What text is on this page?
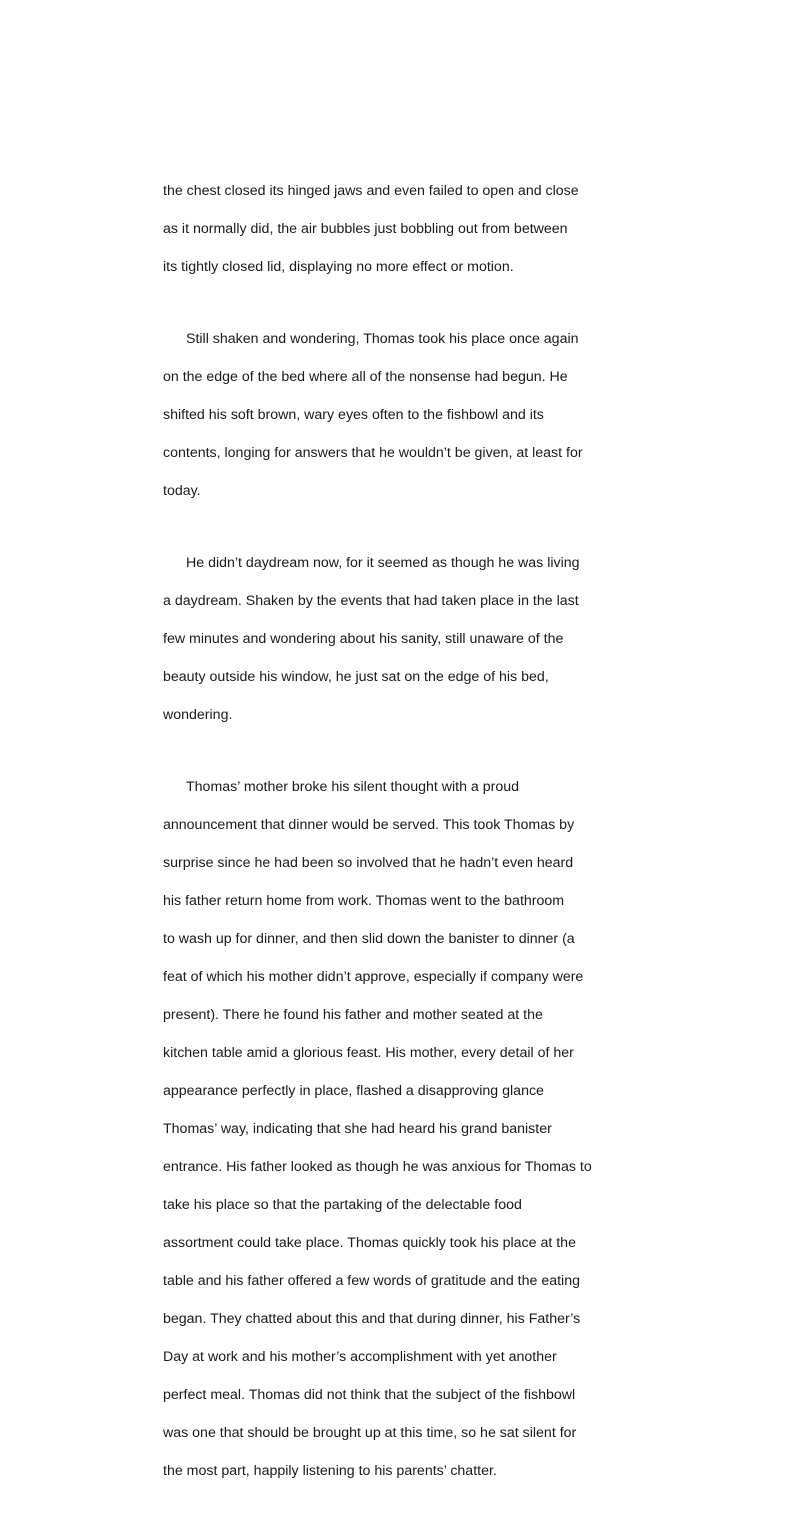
the chest closed its hinged jaws and even failed to open and close

as it normally did, the air bubbles just bobbling out from between

its tightly closed lid, displaying no more effect or motion.

Still shaken and wondering, Thomas took his place once again

on the edge of the bed where all of the nonsense had begun. He

shifted his soft brown, wary eyes often to the fishbowl and its

contents, longing for answers that he wouldn’t be given, at least for

today.

He didn’t daydream now, for it seemed as though he was living

a daydream. Shaken by the events that had taken place in the last

few minutes and wondering about his sanity, still unaware of the

beauty outside his window, he just sat on the edge of his bed,

wondering.

Thomas’ mother broke his silent thought with a proud

announcement that dinner would be served. This took Thomas by

surprise since he had been so involved that he hadn’t even heard

his father return home from work. Thomas went to the bathroom

to wash up for dinner, and then slid down the banister to dinner (a

feat of which his mother didn’t approve, especially if company were

present). There he found his father and mother seated at the

kitchen table amid a glorious feast. His mother, every detail of her

appearance perfectly in place, flashed a disapproving glance

Thomas’ way, indicating that she had heard his grand banister

entrance. His father looked as though he was anxious for Thomas to

take his place so that the partaking of the delectable food

assortment could take place. Thomas quickly took his place at the

table and his father offered a few words of gratitude and the eating

began. They chatted about this and that during dinner, his Father’s

Day at work and his mother’s accomplishment with yet another

perfect meal. Thomas did not think that the subject of the fishbowl

was one that should be brought up at this time, so he sat silent for

the most part, happily listening to his parents’ chatter.
